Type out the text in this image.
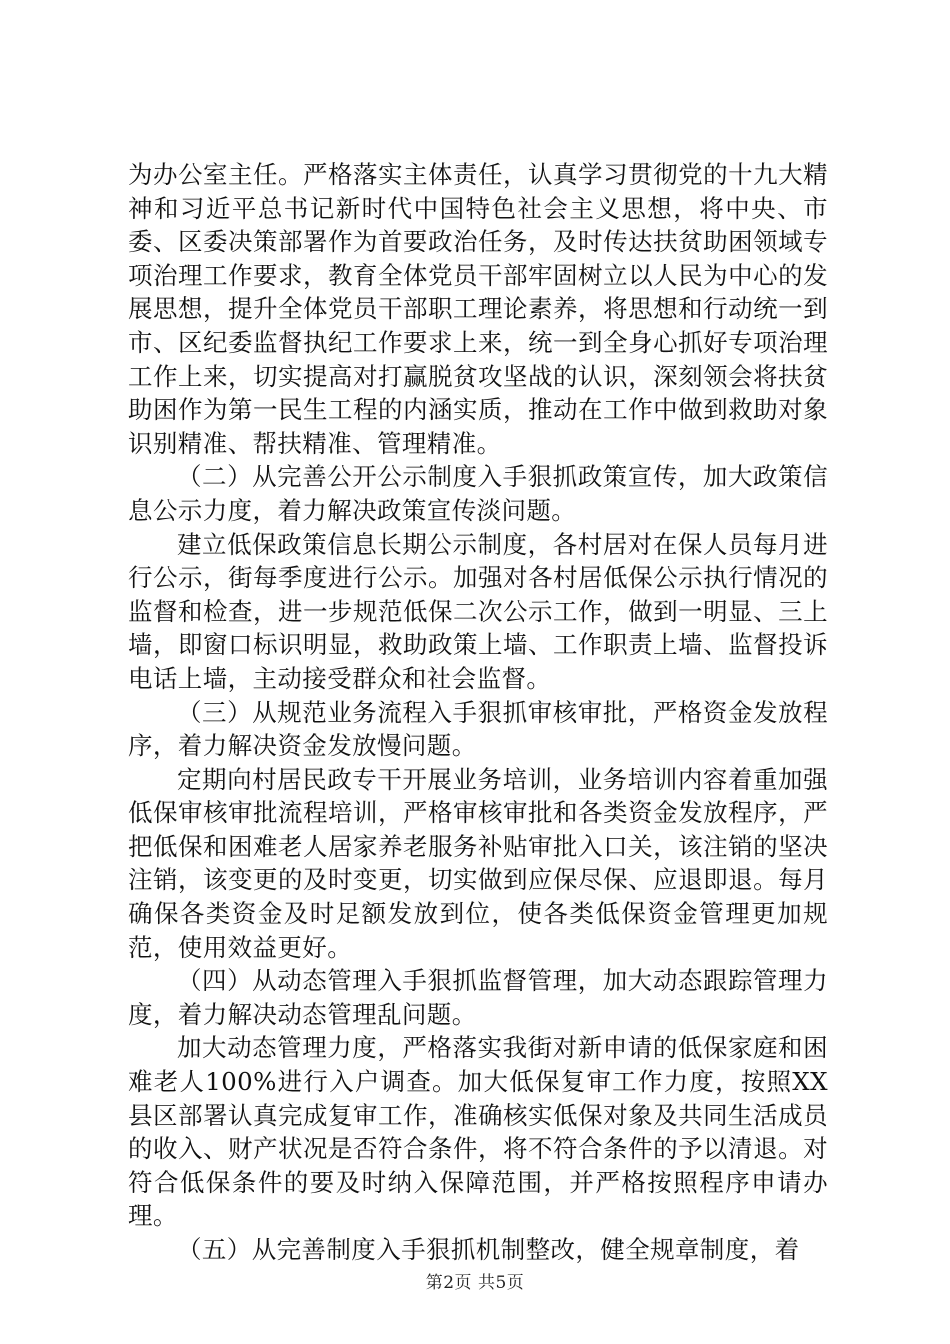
为办公室主任。严格落实主体责任，认真学习贯彻党的十九大精神和习近平总书记新时代中国特色社会主义思想，将中央、市委、区委决策部署作为首要政治任务，及时传达扶贫助困领域专项治理工作要求，教育全体党员干部牢固树立以人民为中心的发展思想，提升全体党员干部职工理论素养，将思想和行动统一到市、区纪委监督执纪工作要求上来，统一到全身心抓好专项治理工作上来，切实提高对打赢脱贫攻坚战的认识，深刻领会将扶贫助困作为第一民生工程的内涵实质，推动在工作中做到救助对象识别精准、帮扶精准、管理精准。

（二）从完善公开公示制度入手狠抓政策宣传，加大政策信息公示力度，着力解决政策宣传淡问题。

建立低保政策信息长期公示制度，各村居对在保人员每月进行公示，街每季度进行公示。加强对各村居低保公示执行情况的监督和检查，进一步规范低保二次公示工作，做到一明显、三上墙，即窗口标识明显，救助政策上墙、工作职责上墙、监督投诉电话上墙，主动接受群众和社会监督。

（三）从规范业务流程入手狠抓审核审批，严格资金发放程序，着力解决资金发放慢问题。

定期向村居民政专干开展业务培训，业务培训内容着重加强低保审核审批流程培训，严格审核审批和各类资金发放程序，严把低保和困难老人居家养老服务补贴审批入口关，该注销的坚决注销，该变更的及时变更，切实做到应保尽保、应退即退。每月确保各类资金及时足额发放到位，使各类低保资金管理更加规范，使用效益更好。

（四）从动态管理入手狠抓监督管理，加大动态跟踪管理力度，着力解决动态管理乱问题。

加大动态管理力度，严格落实我街对新申请的低保家庭和困难老人100%进行入户调查。加大低保复审工作力度，按照XX县区部署认真完成复审工作，准确核实低保对象及共同生活成员的收入、财产状况是否符合条件，将不符合条件的予以清退。对符合低保条件的要及时纳入保障范围，并严格按照程序申请办理。

（五）从完善制度入手狠抓机制整改，健全规章制度，着

第2页 共5页
